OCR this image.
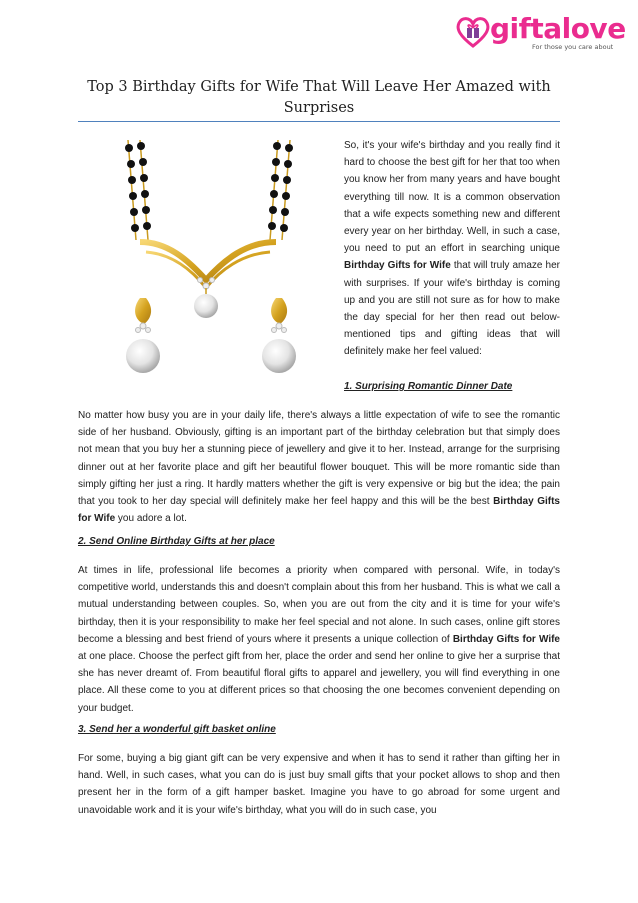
giftalove
For those you care about
Top 3 Birthday Gifts for Wife That Will Leave Her Amazed with Surprises
So, it's your wife's birthday and you really find it hard to choose the best gift for her that too when you know her from many years and have bought everything till now. It is a common observation that a wife expects something new and different every year on her birthday. Well, in such a case, you need to put an effort in searching unique Birthday Gifts for Wife that will truly amaze her with surprises. If your wife's birthday is coming up and you are still not sure as for how to make the day special for her then read out below-mentioned tips and gifting ideas that will definitely make her feel valued:
1. Surprising Romantic Dinner Date
No matter how busy you are in your daily life, there's always a little expectation of wife to see the romantic side of her husband. Obviously, gifting is an important part of the birthday celebration but that simply does not mean that you buy her a stunning piece of jewellery and give it to her. Instead, arrange for the surprising dinner out at her favorite place and gift her beautiful flower bouquet. This will be more romantic side than simply gifting her just a ring. It hardly matters whether the gift is very expensive or big but the idea; the pain that you took to her day special will definitely make her feel happy and this will be the best Birthday Gifts for Wife you adore a lot.
2. Send Online Birthday Gifts at her place
At times in life, professional life becomes a priority when compared with personal. Wife, in today's competitive world, understands this and doesn't complain about this from her husband. This is what we call a mutual understanding between couples. So, when you are out from the city and it is time for your wife's birthday, then it is your responsibility to make her feel special and not alone. In such cases, online gift stores become a blessing and best friend of yours where it presents a unique collection of Birthday Gifts for Wife at one place. Choose the perfect gift from her, place the order and send her online to give her a surprise that she has never dreamt of. From beautiful floral gifts to apparel and jewellery, you will find everything in one place. All these come to you at different prices so that choosing the one becomes convenient depending on your budget.
3. Send her a wonderful gift basket online
For some, buying a big giant gift can be very expensive and when it has to send it rather than gifting her in hand. Well, in such cases, what you can do is just buy small gifts that your pocket allows to shop and then present her in the form of a gift hamper basket. Imagine you have to go abroad for some urgent and unavoidable work and it is your wife's birthday, what you will do in such case, you
